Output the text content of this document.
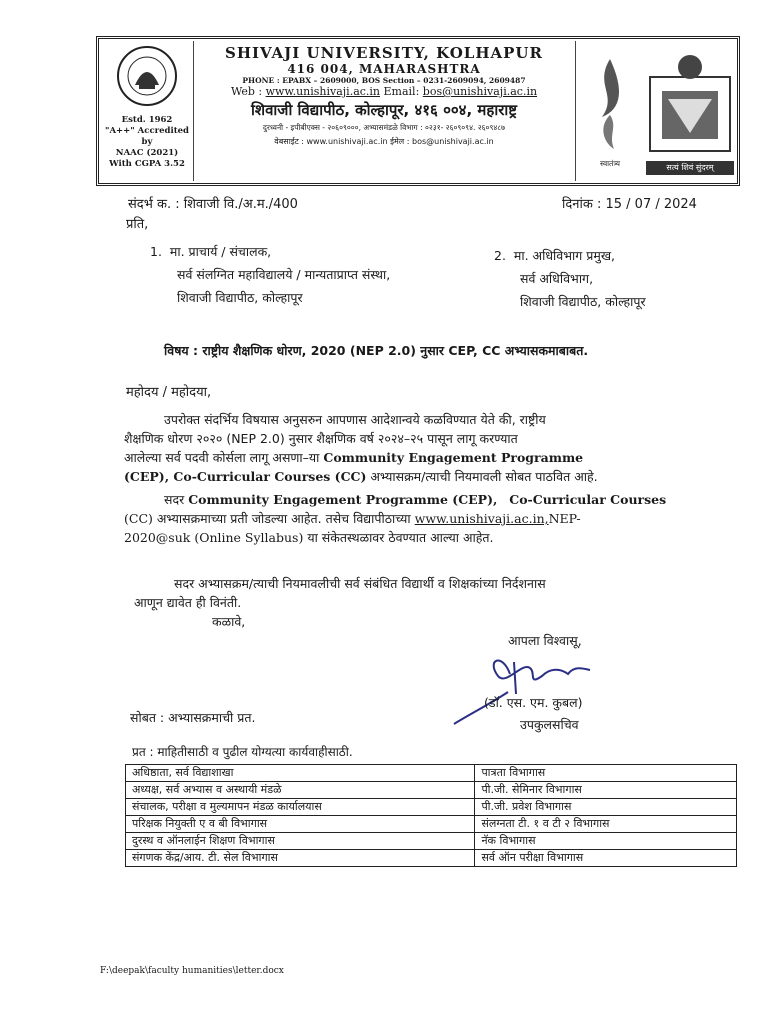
Estd. 1962
"A++" Accredited by
NAAC (2021)
With CGPA 3.52
SHIVAJI UNIVERSITY, KOLHAPUR
416 004, MAHARASHTRA
PHONE : EPABX – 2609000, BOS Section – 0231-2609094, 2609487
Web : www.unishivaji.ac.in Email: bos@unishivaji.ac.in
शिवाजी विद्यापीठ, कोल्हापूर, ४१६ ००४, महाराष्ट्र
दुरध्वनी - इपीबीएक्स - २०६०९०००, अभ्यासमंडळे विभाग : ०२३१- २६०९०९४. २६०९४८७
वेबसाईट : www.unishivaji.ac.in ईमेल : bos@unishivaji.ac.in
स्वातंत्र्य	सत्यं शिवं सुंदरम्
संदर्भ क. : शिवाजी वि./अ.म./400	दिनांक : 15 / 07 / 2024
प्रति,
1. मा. प्राचार्य / संचालक,
सर्व संलग्नित महाविद्यालये / मान्यताप्राप्त संस्था,
शिवाजी विद्यापीठ, कोल्हापूर
2. मा. अधिविभाग प्रमुख,
सर्व अधिविभाग,
शिवाजी विद्यापीठ, कोल्हापूर
विषय : राष्ट्रीय शैक्षणिक धोरण, 2020 (NEP 2.0) नुसार CEP, CC अभ्यासकमाबाबत.
महोदय / महोदया,
उपरोक्त संदर्भिय विषयास अनुसरुन आपणास आदेशान्वये कळविण्यात येते की, राष्ट्रीय
शैक्षणिक धोरण २०२० (NEP 2.0) नुसार शैक्षणिक वर्ष २०२४–२५ पासून लागू करण्यात
आलेल्या सर्व पदवी कोर्सला लागू असणा–या Community Engagement Programme
(CEP), Co-Curricular Courses (CC) अभ्यासक्रम/त्याची नियमावली सोबत पाठवित आहे.
सदर Community Engagement Programme (CEP), Co-Curricular Courses
(CC) अभ्यासक्रमाच्या प्रती जोडल्या आहेत. तसेच विद्यापीठाच्या www.unishivaji.ac.in,NEP-
2020@suk (Online Syllabus) या संकेतस्थळावर ठेवण्यात आल्या आहेत.
सदर अभ्यासक्रम/त्याची नियमावलीची सर्व संबंधित विद्यार्थी व शिक्षकांच्या निर्दशनास
आणून द्यावेत ही विनंती.
कळावे,
आपला विश्वासू,
(डॉ. एस. एम. कुबल)
उपकुलसचिव
सोबत : अभ्यासक्रमाची प्रत.
प्रत : माहितीसाठी व पुढील योग्यत्या कार्यवाहीसाठी.
अधिष्ठाता, सर्व विद्याशाखा	पात्रता विभागास
अध्यक्ष, सर्व अभ्यास व अस्थायी मंडळे	पी.जी. सेमिनार विभागास
संचालक, परीक्षा व मुल्यमापन मंडळ कार्यालयास	पी.जी. प्रवेश विभागास
परिक्षक नियुक्ती ए व बी विभागास	संलग्नता टी. १ व टी २ विभागास
दुरस्थ व ऑनलाईन शिक्षण विभागास	नॅक विभागास
संगणक केंद्र/आय. टी. सेल विभागास	सर्व ऑन परीक्षा विभागास
F:\deepak\faculty humanities\letter.docx
